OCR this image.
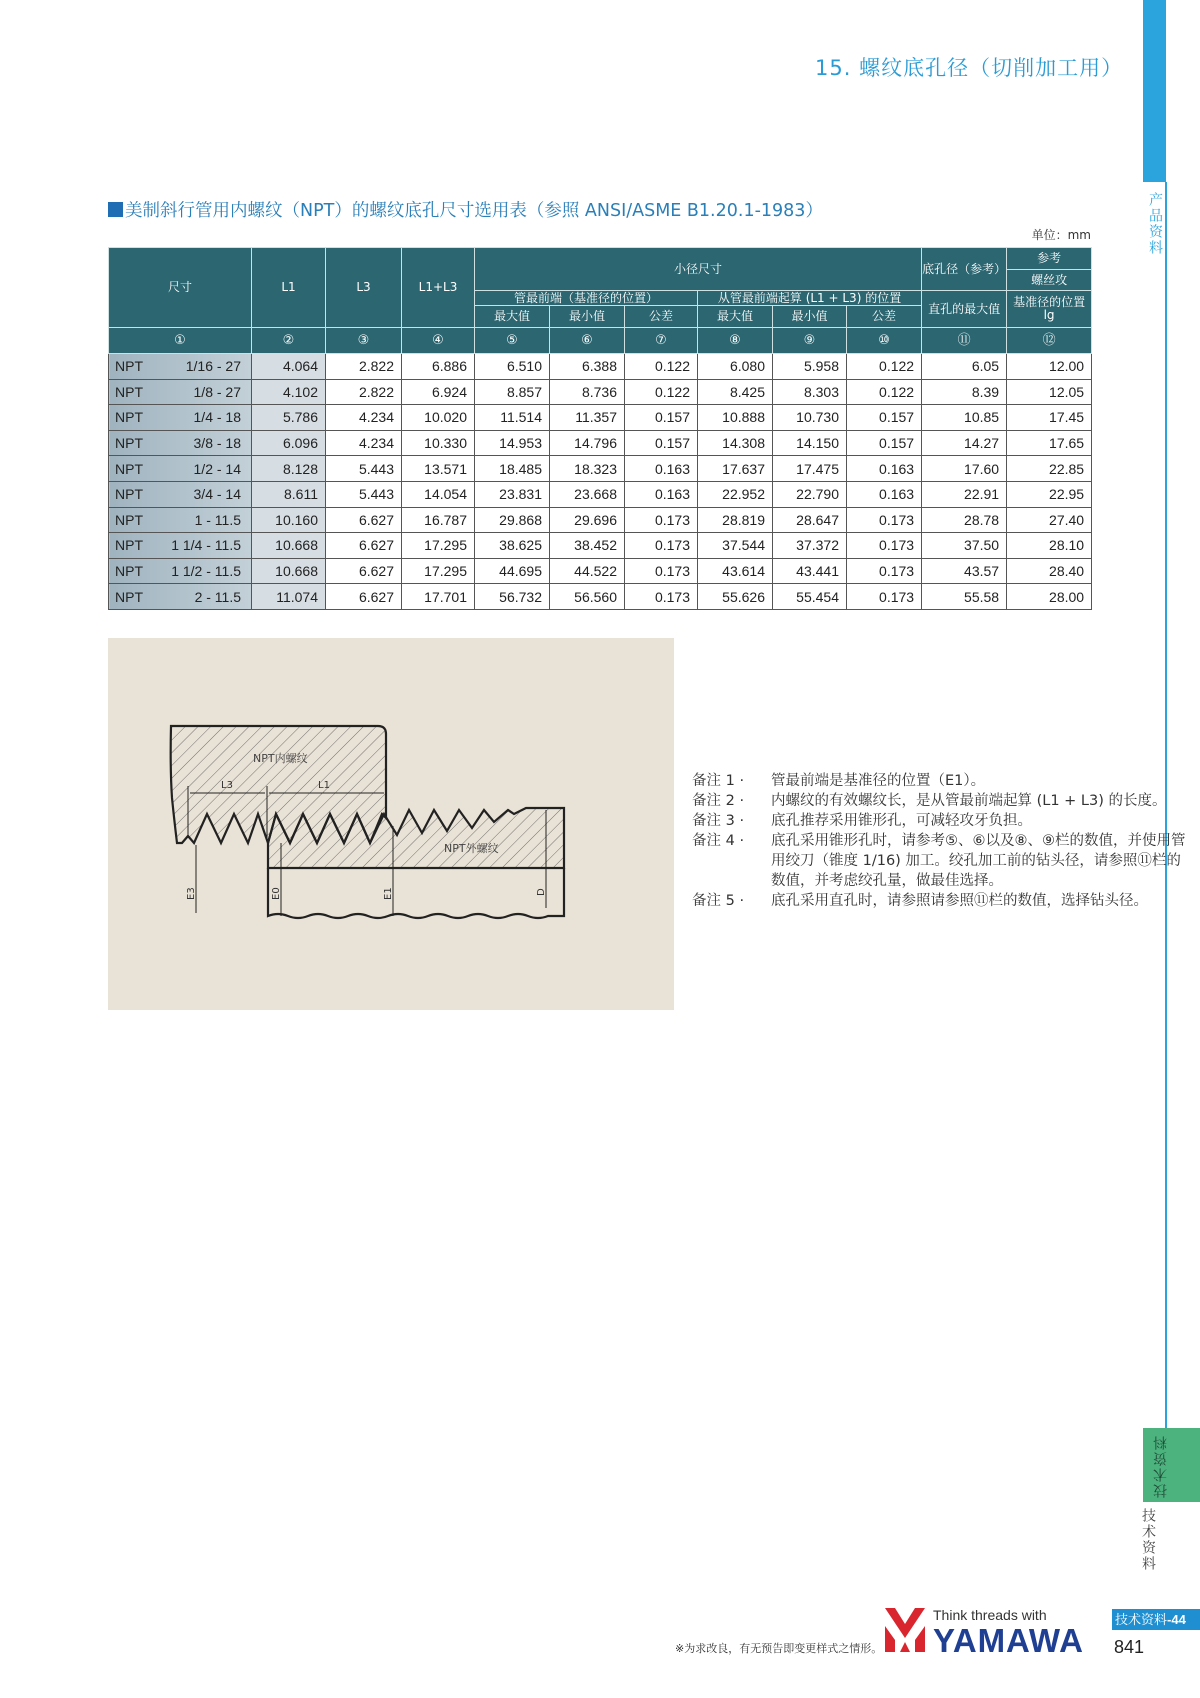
15. 螺纹底孔径（切削加工用）
产品资料
技术资料
技术资料
美制斜行管用内螺纹（NPT）的螺纹底孔尺寸选用表（参照 ANSI/ASME B1.20.1-1983）
单位：mm
尺寸	L1	L3	L1+L3	小径尺寸						底孔径（参考）	参考
											螺丝攻
				管最前端（基准径的位置）			从管最前端起算 (L1 + L3) 的位置			直孔的最大值	基准径的位置 lg
				最大值	最小值	公差	最大值	最小值	公差		
①	②	③	④	⑤	⑥	⑦	⑧	⑨	⑩	⑪	⑫
NPT 1/16 - 27	4.064	2.822	6.886	6.510	6.388	0.122	6.080	5.958	0.122	6.05	12.00
NPT 1/8 - 27	4.102	2.822	6.924	8.857	8.736	0.122	8.425	8.303	0.122	8.39	12.05
NPT 1/4 - 18	5.786	4.234	10.020	11.514	11.357	0.157	10.888	10.730	0.157	10.85	17.45
NPT 3/8 - 18	6.096	4.234	10.330	14.953	14.796	0.157	14.308	14.150	0.157	14.27	17.65
NPT 1/2 - 14	8.128	5.443	13.571	18.485	18.323	0.163	17.637	17.475	0.163	17.60	22.85
NPT 3/4 - 14	8.611	5.443	14.054	23.831	23.668	0.163	22.952	22.790	0.163	22.91	22.95
NPT 1 - 11.5	10.160	6.627	16.787	29.868	29.696	0.173	28.819	28.647	0.173	28.78	27.40
NPT 1 1/4 - 11.5	10.668	6.627	17.295	38.625	38.452	0.173	37.544	37.372	0.173	37.50	28.10
NPT 1 1/2 - 11.5	10.668	6.627	17.295	44.695	44.522	0.173	43.614	43.441	0.173	43.57	28.40
NPT 2 - 11.5	11.074	6.627	17.701	56.732	56.560	0.173	55.626	55.454	0.173	55.58	28.00
L3	L1
NPT内螺纹
NPT外螺纹
E3	E0	E1	D
备注 1 ·	管最前端是基准径的位置（E1）。
备注 2 ·	内螺纹的有效螺纹长，是从管最前端起算 (L1 + L3) 的长度。
备注 3 ·	底孔推荐采用锥形孔，可减轻攻牙负担。
备注 4 ·	底孔采用锥形孔时，请参考⑤、⑥以及⑧、⑨栏的数值，并使用管用绞刀（锥度 1/16) 加工。绞孔加工前的钻头径，请参照⑪栏的数值，并考虑绞孔量，做最佳选择。
备注 5 ·	底孔采用直孔时，请参照请参照⑪栏的数值，选择钻头径。
※为求改良，有无预告即变更样式之情形。
Think threads with
YAMAWA
技术资料-44
841
